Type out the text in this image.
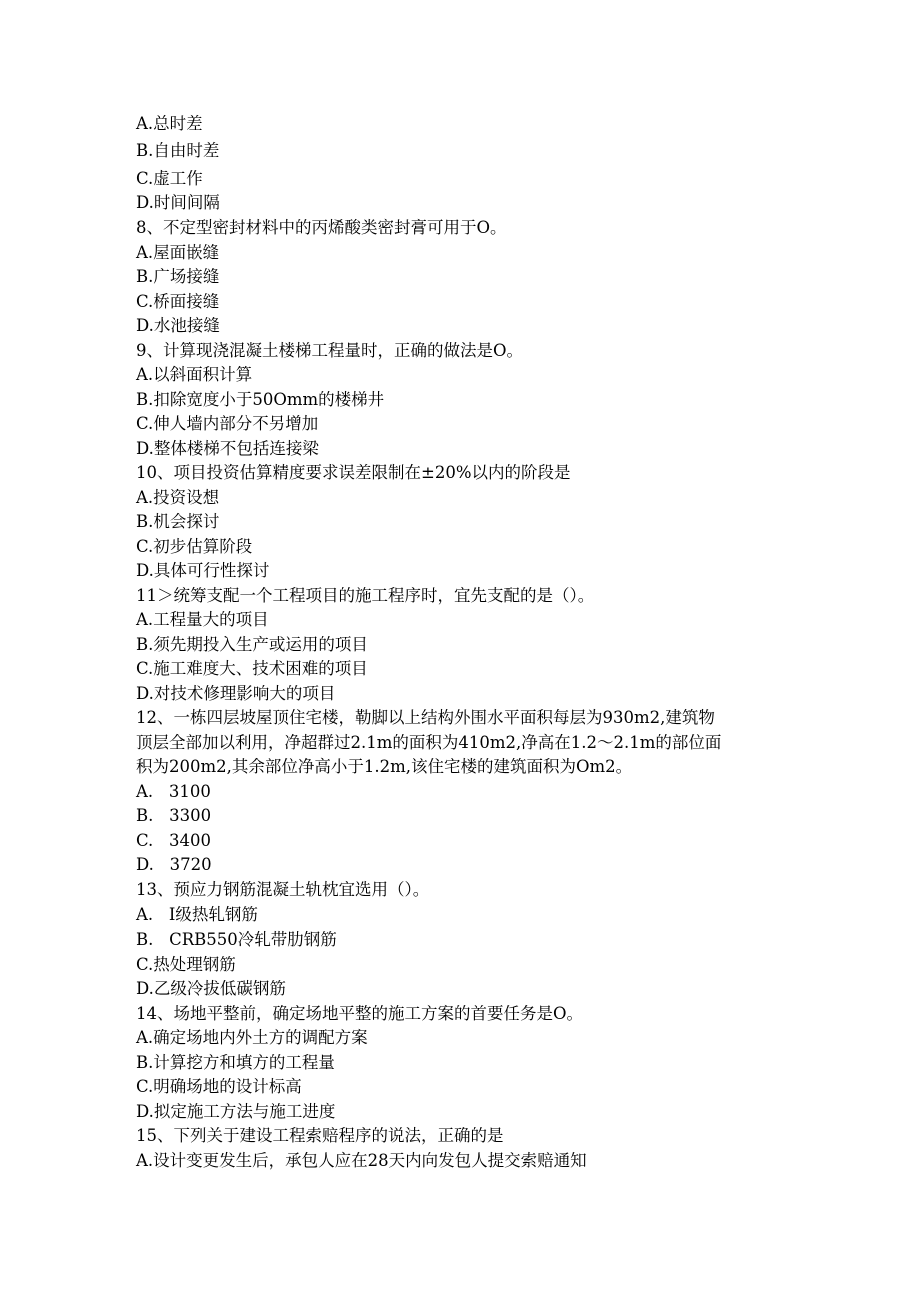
A.总时差
B.自由时差
C.虚工作
D.时间间隔
8、不定型密封材料中的丙烯酸类密封膏可用于O。
A.屋面嵌缝
B.广场接缝
C.桥面接缝
D.水池接缝
9、计算现浇混凝土楼梯工程量时，正确的做法是O。
A.以斜面积计算
B.扣除宽度小于50Omm的楼梯井
C.伸人墙内部分不另增加
D.整体楼梯不包括连接梁
10、项目投资估算精度要求误差限制在±20%以内的阶段是
A.投资设想
B.机会探讨
C.初步估算阶段
D.具体可行性探讨
11＞统筹支配一个工程项目的施工程序时，宜先支配的是（）。
A.工程量大的项目
B.须先期投入生产或运用的项目
C.施工难度大、技术困难的项目
D.对技术修理影响大的项目
12、一栋四层坡屋顶住宅楼，勒脚以上结构外围水平面积每层为930m2,建筑物
顶层全部加以利用，净超群过2.1m的面积为410m2,净高在1.2～2.1m的部位面
积为200m2,其余部位净高小于1.2m,该住宅楼的建筑面积为Om2。
A.   3100
B.   3300
C.   3400
D.   3720
13、预应力钢筋混凝土轨枕宜选用（）。
A.   I级热轧钢筋
B.   CRB550冷轧带肋钢筋
C.热处理钢筋
D.乙级冷拔低碳钢筋
14、场地平整前，确定场地平整的施工方案的首要任务是O。
A.确定场地内外土方的调配方案
B.计算挖方和填方的工程量
C.明确场地的设计标高
D.拟定施工方法与施工进度
15、下列关于建设工程索赔程序的说法，正确的是
A.设计变更发生后，承包人应在28天内向发包人提交索赔通知
